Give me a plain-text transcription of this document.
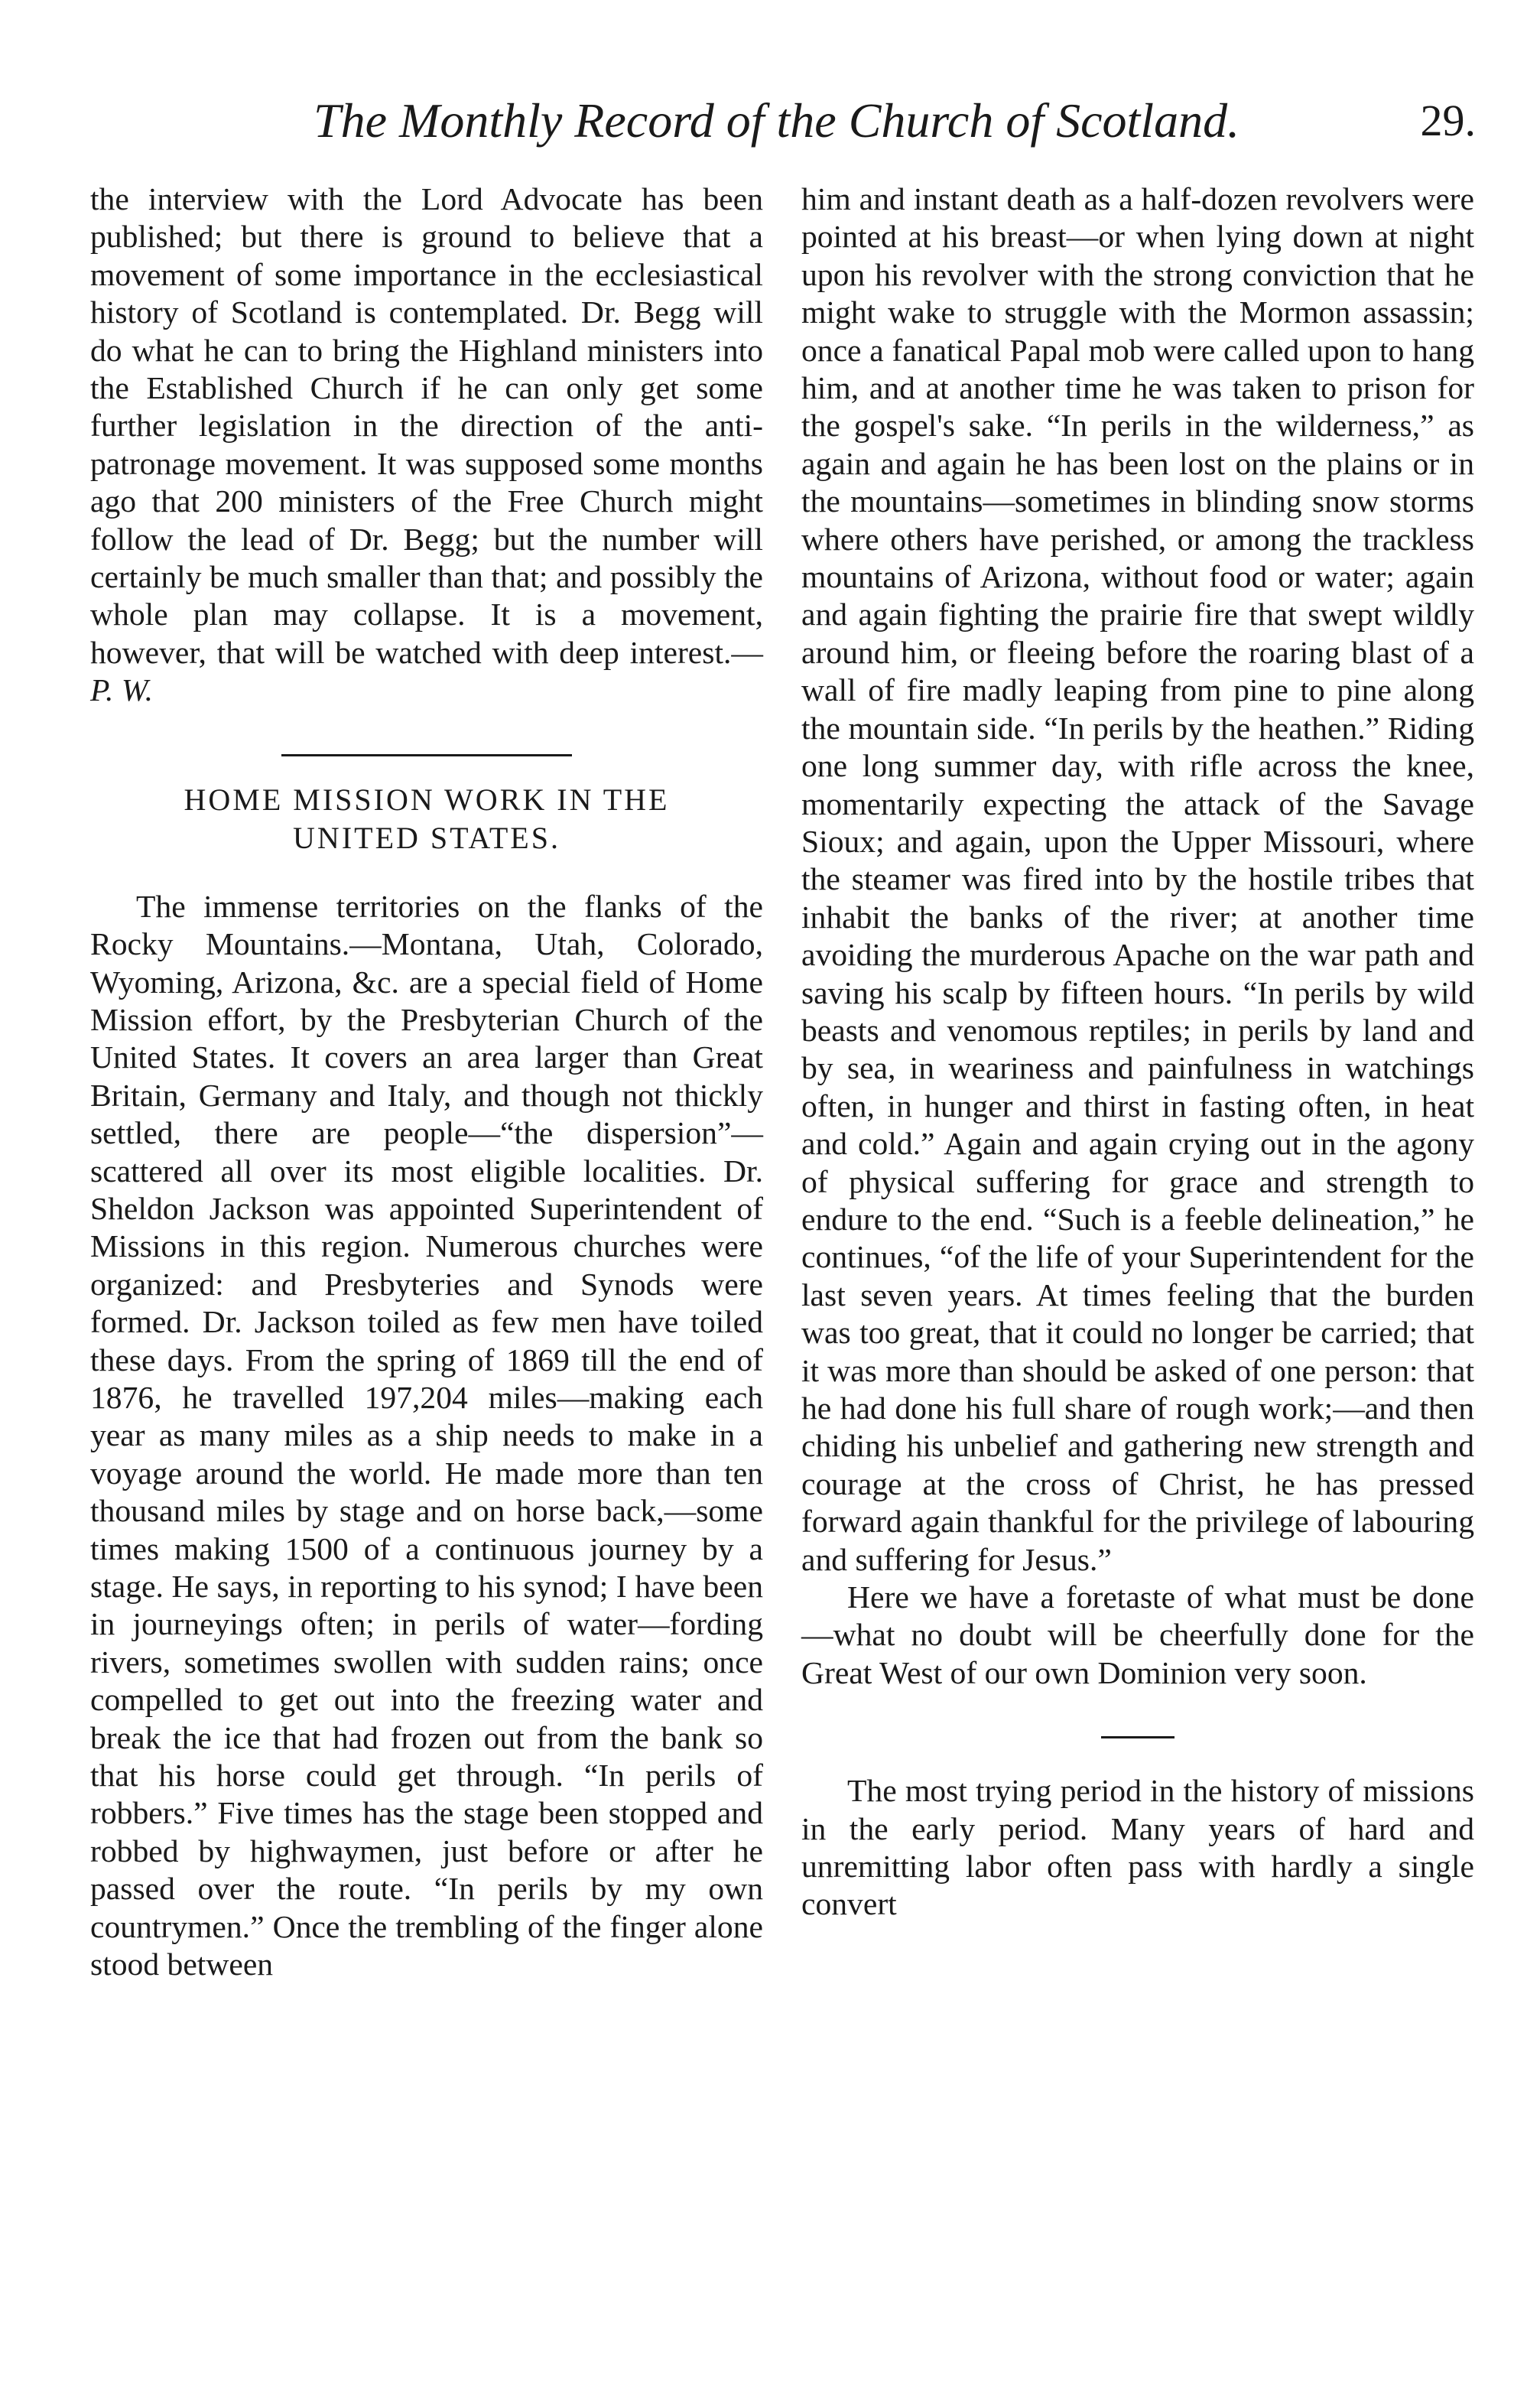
The Monthly Record of the Church of Scotland.	29.

the interview with the Lord Advocate has been published; but there is ground to believe that a movement of some importance in the ecclesiastical history of Scotland is contemplated. Dr. Begg will do what he can to bring the Highland ministers into the Established Church if he can only get some further legislation in the direction of the anti-patronage movement. It was supposed some months ago that 200 ministers of the Free Church might follow the lead of Dr. Begg; but the number will certainly be much smaller than that; and possibly the whole plan may collapse. It is a movement, however, that will be watched with deep interest.—P. W.

HOME MISSION WORK IN THE
UNITED STATES.

The immense territories on the flanks of the Rocky Mountains.—Montana, Utah, Colorado, Wyoming, Arizona, &c. are a special field of Home Mission effort, by the Presbyterian Church of the United States. It covers an area larger than Great Britain, Germany and Italy, and though not thickly settled, there are people—“the dispersion”—scattered all over its most eligible localities. Dr. Sheldon Jackson was appointed Superintendent of Missions in this region. Numerous churches were organized: and Presbyteries and Synods were formed. Dr. Jackson toiled as few men have toiled these days. From the spring of 1869 till the end of 1876, he travelled 197,204 miles—making each year as many miles as a ship needs to make in a voyage around the world. He made more than ten thousand miles by stage and on horse back,—some times making 1500 of a continuous journey by a stage. He says, in reporting to his synod; I have been in journeyings often; in perils of water—fording rivers, sometimes swollen with sudden rains; once compelled to get out into the freezing water and break the ice that had frozen out from the bank so that his horse could get through. “In perils of robbers.” Five times has the stage been stopped and robbed by highwaymen, just before or after he passed over the route. “In perils by my own countrymen.” Once the trembling of the finger alone stood between

him and instant death as a half-dozen revolvers were pointed at his breast—or when lying down at night upon his revolver with the strong conviction that he might wake to struggle with the Mormon assassin; once a fanatical Papal mob were called upon to hang him, and at another time he was taken to prison for the gospel's sake. “In perils in the wilderness,” as again and again he has been lost on the plains or in the mountains—sometimes in blinding snow storms where others have perished, or among the trackless mountains of Arizona, without food or water; again and again fighting the prairie fire that swept wildly around him, or fleeing before the roaring blast of a wall of fire madly leaping from pine to pine along the mountain side. “In perils by the heathen.” Riding one long summer day, with rifle across the knee, momentarily expecting the attack of the Savage Sioux; and again, upon the Upper Missouri, where the steamer was fired into by the hostile tribes that inhabit the banks of the river; at another time avoiding the murderous Apache on the war path and saving his scalp by fifteen hours. “In perils by wild beasts and venomous reptiles; in perils by land and by sea, in weariness and painfulness in watchings often, in hunger and thirst in fasting often, in heat and cold.” Again and again crying out in the agony of physical suffering for grace and strength to endure to the end. “Such is a feeble delineation,” he continues, “of the life of your Superintendent for the last seven years. At times feeling that the burden was too great, that it could no longer be carried; that it was more than should be asked of one person: that he had done his full share of rough work;—and then chiding his unbelief and gathering new strength and courage at the cross of Christ, he has pressed forward again thankful for the privilege of labouring and suffering for Jesus.”

Here we have a foretaste of what must be done—what no doubt will be cheerfully done for the Great West of our own Dominion very soon.

The most trying period in the history of missions in the early period. Many years of hard and unremitting labor often pass with hardly a single convert
